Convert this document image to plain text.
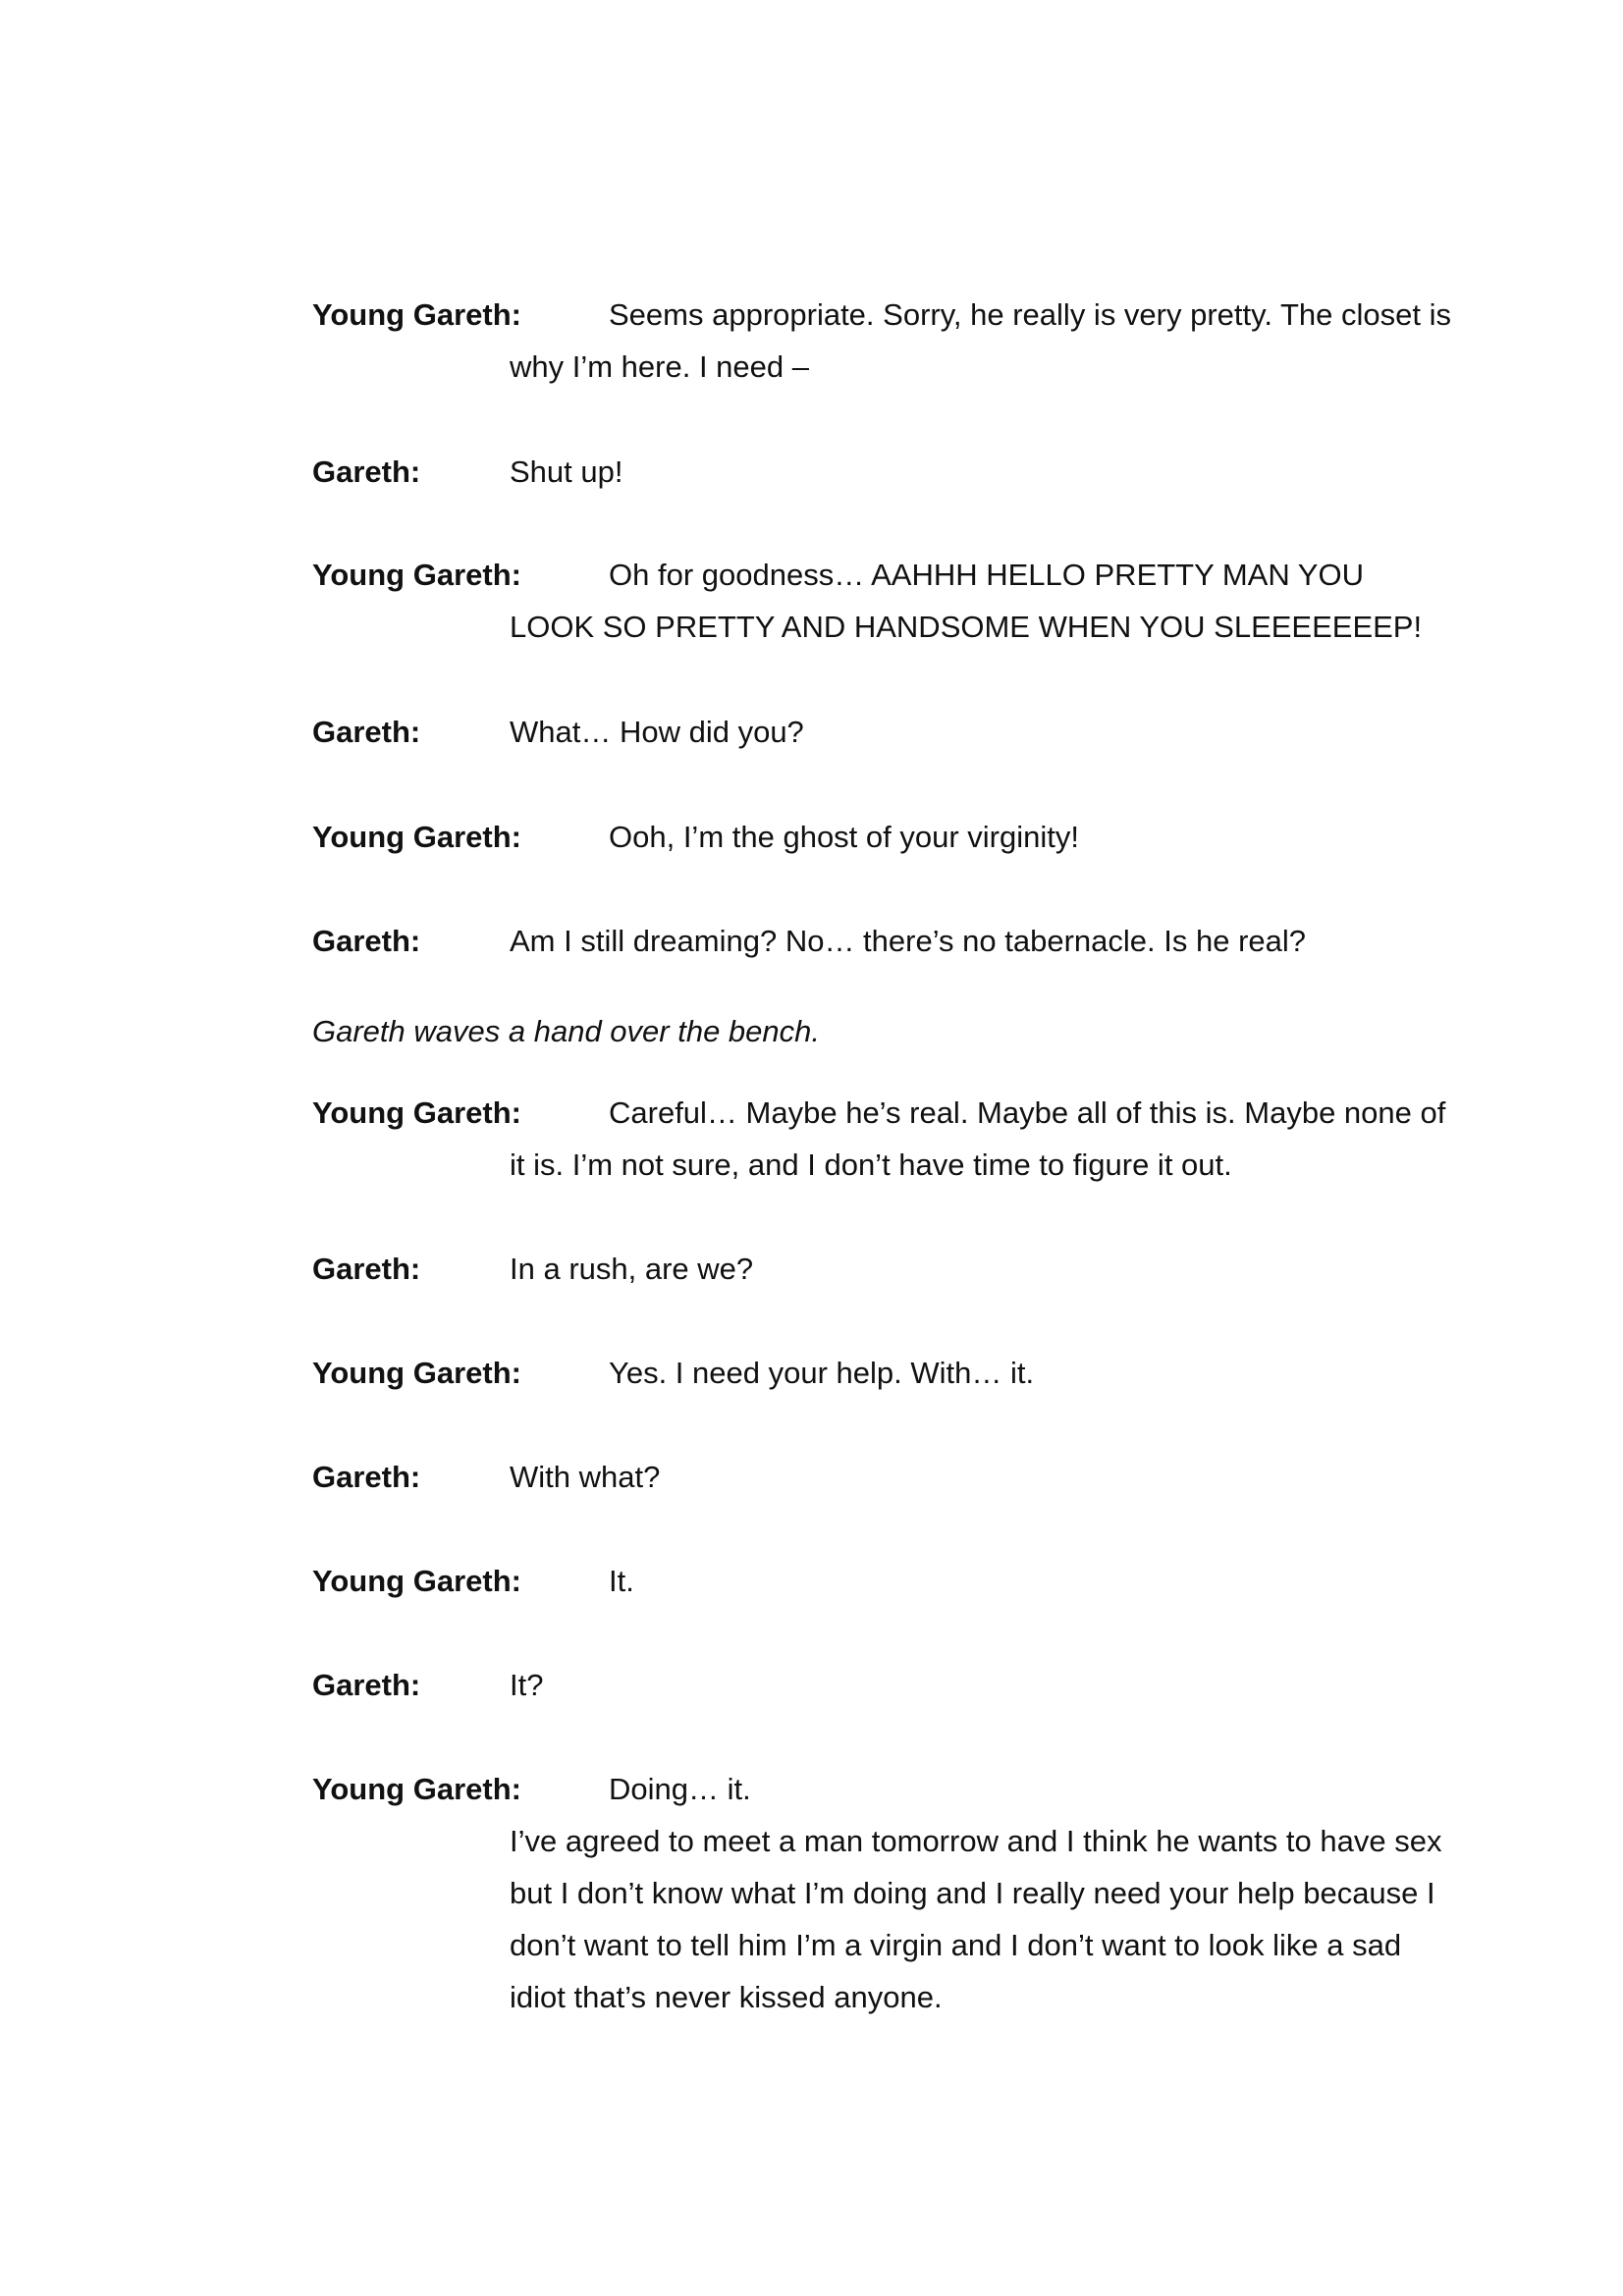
Young Gareth:	Seems appropriate. Sorry, he really is very pretty. The closet is
why I’m here. I need –
Gareth:	Shut up!
Young Gareth:	Oh for goodness… AAHHH HELLO PRETTY MAN YOU
LOOK SO PRETTY AND HANDSOME WHEN YOU SLEEEEEEEP!
Gareth:	What… How did you?
Young Gareth:	Ooh, I’m the ghost of your virginity!
Gareth:	Am I still dreaming? No… there’s no tabernacle. Is he real?
Gareth waves a hand over the bench.
Young Gareth:	Careful… Maybe he’s real. Maybe all of this is. Maybe none of
it is. I’m not sure, and I don’t have time to figure it out.
Gareth:	In a rush, are we?
Young Gareth:	Yes. I need your help. With… it.
Gareth:	With what?
Young Gareth:	It.
Gareth:	It?
Young Gareth:	Doing… it.
I’ve agreed to meet a man tomorrow and I think he wants to have sex
but I don’t know what I’m doing and I really need your help because I
don’t want to tell him I’m a virgin and I don’t want to look like a sad
idiot that’s never kissed anyone.
